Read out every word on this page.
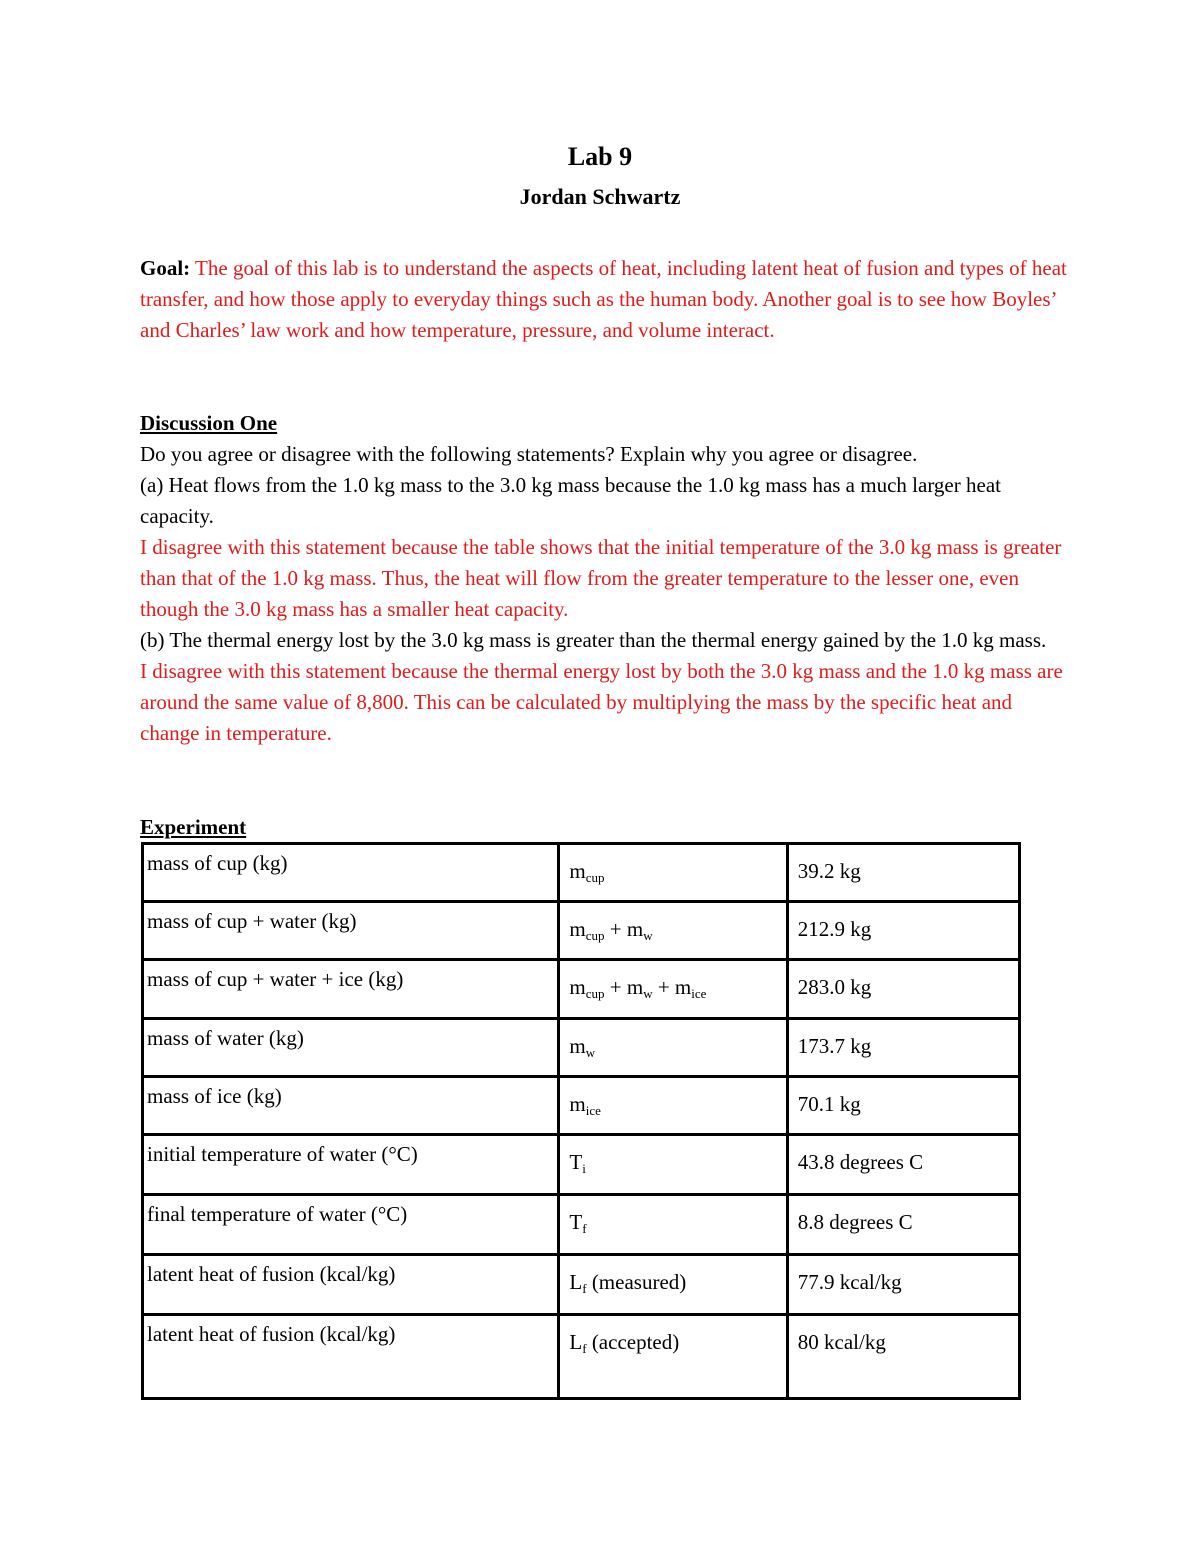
Lab 9
Jordan Schwartz
Goal: The goal of this lab is to understand the aspects of heat, including latent heat of fusion and types of heat transfer, and how those apply to everyday things such as the human body. Another goal is to see how Boyles’ and Charles’ law work and how temperature, pressure, and volume interact.
Discussion One
Do you agree or disagree with the following statements? Explain why you agree or disagree.
(a) Heat flows from the 1.0 kg mass to the 3.0 kg mass because the 1.0 kg mass has a much larger heat capacity.
I disagree with this statement because the table shows that the initial temperature of the 3.0 kg mass is greater than that of the 1.0 kg mass. Thus, the heat will flow from the greater temperature to the lesser one, even though the 3.0 kg mass has a smaller heat capacity.
(b) The thermal energy lost by the 3.0 kg mass is greater than the thermal energy gained by the 1.0 kg mass.
I disagree with this statement because the thermal energy lost by both the 3.0 kg mass and the 1.0 kg mass are around the same value of 8,800. This can be calculated by multiplying the mass by the specific heat and change in temperature.
Experiment
mass of cup (kg)	$m_{cup}$	39.2 kg
mass of cup + water (kg)	$m_{cup} + m_w$	212.9 kg
mass of cup + water + ice (kg)	$m_{cup} + m_w + m_{ice}$	283.0 kg
mass of water (kg)	$m_w$	173.7 kg
mass of ice (kg)	$m_{ice}$	70.1 kg
initial temperature of water (°C)	$T_i$	43.8 degrees C
final temperature of water (°C)	$T_f$	8.8 degrees C
latent heat of fusion (kcal/kg)	$L_f$ (measured)	77.9 kcal/kg
latent heat of fusion (kcal/kg)	$L_f$ (accepted)	80 kcal/kg
